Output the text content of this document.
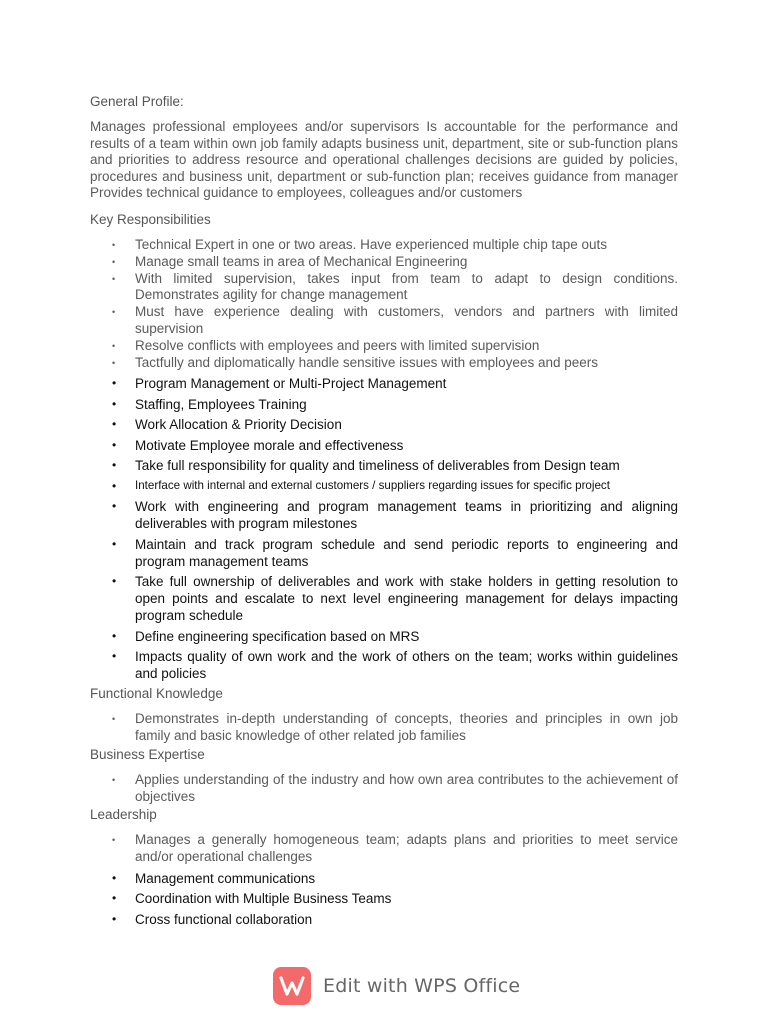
General Profile:

Manages professional employees and/or supervisors Is accountable for the performance and results of a team within own job family adapts business unit, department, site or sub-function plans and priorities to address resource and operational challenges decisions are guided by policies, procedures and business unit, department or sub-function plan; receives guidance from manager Provides technical guidance to employees, colleagues and/or customers

Key Responsibilities

• Technical Expert in one or two areas. Have experienced multiple chip tape outs
• Manage small teams in area of Mechanical Engineering
• With limited supervision, takes input from team to adapt to design conditions. Demonstrates agility for change management
• Must have experience dealing with customers, vendors and partners with limited supervision
• Resolve conflicts with employees and peers with limited supervision
• Tactfully and diplomatically handle sensitive issues with employees and peers
• Program Management or Multi-Project Management
• Staffing, Employees Training
• Work Allocation & Priority Decision
• Motivate Employee morale and effectiveness
• Take full responsibility for quality and timeliness of deliverables from Design team
• Interface with internal and external customers / suppliers regarding issues for specific project
• Work with engineering and program management teams in prioritizing and aligning deliverables with program milestones
• Maintain and track program schedule and send periodic reports to engineering and program management teams
• Take full ownership of deliverables and work with stake holders in getting resolution to open points and escalate to next level engineering management for delays impacting program schedule
• Define engineering specification based on MRS
• Impacts quality of own work and the work of others on the team; works within guidelines and policies

Functional Knowledge

• Demonstrates in-depth understanding of concepts, theories and principles in own job family and basic knowledge of other related job families

Business Expertise

• Applies understanding of the industry and how own area contributes to the achievement of objectives

Leadership

• Manages a generally homogeneous team; adapts plans and priorities to meet service and/or operational challenges
• Management communications
• Coordination with Multiple Business Teams
• Cross functional collaboration
Edit with WPS Office
